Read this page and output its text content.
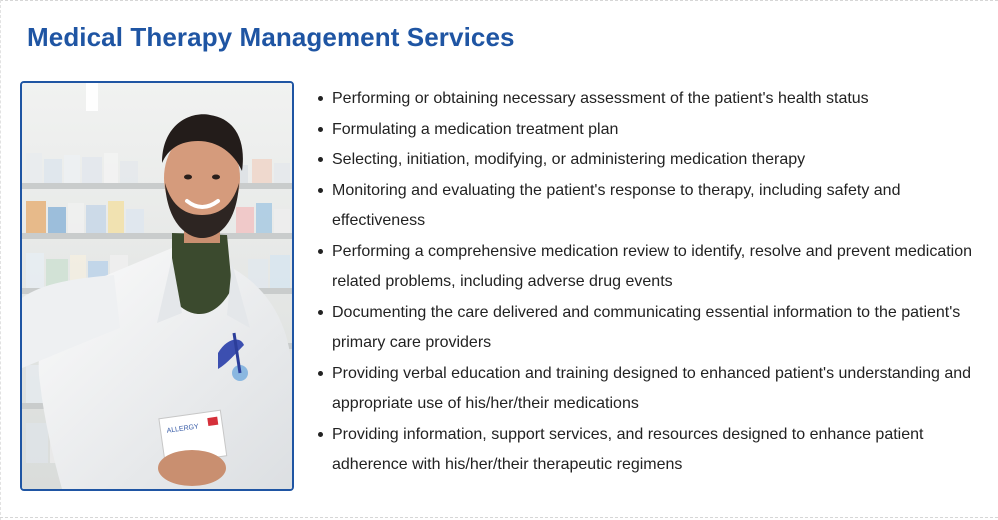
Medical Therapy Management Services
ALLERGY
Performing or obtaining necessary assessment of the patient's health status
Formulating a medication treatment plan
Selecting, initiation, modifying, or administering medication therapy
Monitoring and evaluating the patient's response to therapy, including safety and effectiveness
Performing a comprehensive medication review to identify, resolve and prevent medication related problems, including adverse drug events
Documenting the care delivered and communicating essential information to the patient's primary care providers
Providing verbal education and training designed to enhanced patient's understanding and appropriate use of his/her/their medications
Providing information, support services, and resources designed to enhance patient adherence with his/her/their therapeutic regimens
